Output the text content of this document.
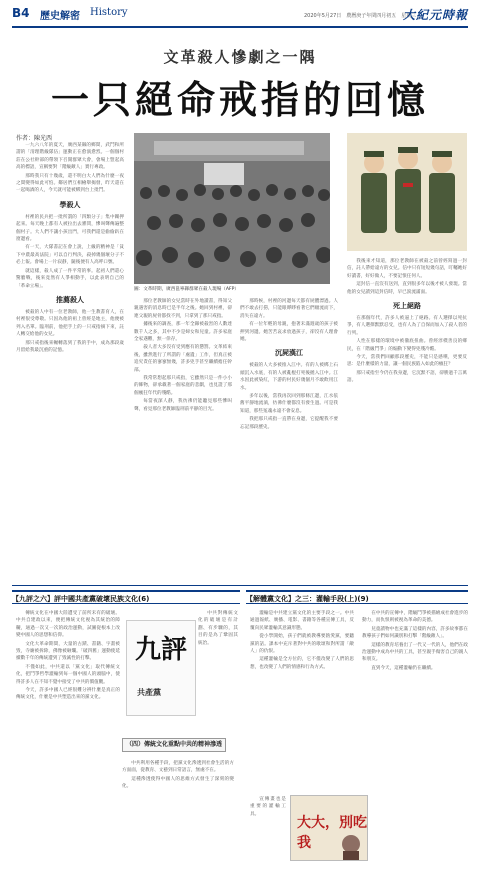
B4 歷史解密 History	2020年5月27日　農曆庚子年閏四月初五　星期三
大紀元時報
文革殺人慘劇之一隅
一只絕命戒指的回憶
作者：陳光西

一九六八年的夏天，廣西某縣的鄉間，武鬥和所謂的「清理階級隊伍」運動正在愈演愈烈。一個個村莊在公社幹部的帶領下召開群眾大會，會場上豎起高高的標語，宣稱要對「階級敵人」實行專政。

那時我只有十幾歲，還不明白大人們為什麼一夜之間變得如此可怕。鄰居們互相檢舉揭發，昨天還在一起喝酒的人，今天就可能被綁到台上批鬥。

學殺人

村裡的民兵把一批所謂的「四類分子」集中關押起來。每天晚上都有人被拉出去審問，慘叫聲傳遍整個村子。大人們不讓小孩出門，可我們還是偷偷趴在窗邊看。

有一天，大隊書記在會上說，上級的精神是「貧下中農最高法院」可以自行判決，殺掉幾個壞分子不必上報。會場上一片寂靜，隨後便有人高呼口號。

就這樣，殺人成了一件平常的事。起初人們還心驚膽戰，後來竟然有人爭相動手，以此表明自己的「革命立場」。

推薦殺人

被殺的人中有一位老教師，他一生教書育人，在村裡很受尊敬。只因為他的祖上曾經是地主，他便被列入名單。臨刑前，他把手上的一只戒指摘下來，託人轉交給他的女兒。

那只戒指後來輾轉落到了我的手中，成為那段歲月留給我最沉重的記憶。

圖：文革時期，廣西邕寧縣群眾在殺人現場（AFP）

那位老教師的女兒當時在外地讀書，得知父親遇害的消息時已是半年之後。她回到村裡，卻連父親的屍骨都找不到，只拿到了那只戒指。

據後來的調查，那一年全縣被殺害的人數達數千人之多，其中不少是婦女和兒童。許多家庭全家遇難，無一倖存。

殺人者大多沒有受到應有的懲罰。文革結束後，雖然進行了所謂的「處遺」工作，但真正被追究責任的寥寥無幾，許多兇手甚至繼續擔任幹部。

我常常想起那只戒指，它雖然只是一件小小的飾物，卻承載著一個家庭的悲劇，也見證了那個瘋狂年代的殘酷。

每當夜深人靜，我彷彿仍能聽見那些慘叫聲，看見那位老教師臨刑前平靜的目光。

那時候，村裡的河邊每天都有屍體漂過。人們不敢去打撈，只能眼睜睜看著它們順流而下，消失在遠方。

有一位年輕的母親，抱著未滿週歲的孩子被押到河邊。她苦苦哀求放過孩子，卻沒有人理會她。

沉屍漢江

被殺的人大多被推入江中。有的人被綁上石頭沉入水底，有的人被亂棍打死後拋入江中。江水因此被染紅，下游的村民好幾個月不敢飲用江水。

多年以後，當我再次回到那條江邊，江水依舊平靜地流淌，彷彿什麼都沒有發生過。可是我知道，那些冤魂永遠不會安息。

我把那只戒指一直帶在身邊，它提醒我不要忘記那段歷史。

我後來才知道，那位老教師在被殺之前曾經寫過一封信，託人帶給遠方的女兒。信中只有短短幾句話，叮囑她好好讀書，好好做人，不要記恨任何人。

這封信一直沒有送到，直到很多年以後才被人發現。當他的女兒讀到這封信時，早已淚流滿面。

死上絕路

在那個年代，許多人被逼上了絕路。有人選擇以死抗爭，有人選擇默默忍受，也有人為了自保而加入了殺人者的行列。

人性在那樣的環境中被徹底扭曲。曾經淳樸善良的鄉民，在「階級鬥爭」的煽動下變得兇殘冷酷。

今天，當我們回顧那段歷史，不能只是感嘆，更要反思：是什麼樣的力量，讓一個民族陷入如此的瘋狂？

那只戒指至今仍在我身邊，它沉默不語，卻勝過千言萬語。

【九評之六】評中國共產黨破壞民族文化(6)

傳統文化在中國大陸遭受了前所未有的破壞。中共自建政以來，便把傳統文化視為其統治的障礙，通過一次又一次的政治運動，試圖從根本上改變中國人的思想和信仰。

文化大革命期間，大量的古蹟、書籍、字畫被毀，寺廟被拆除，佛像被砸爛。「破四舊」運動使延續數千年的傳統遭到了毀滅性的打擊。

不僅如此，中共還以「黨文化」取代傳統文化，把鬥爭哲學灌輸到每一個中國人的頭腦中，使得許多人在不知不覺中接受了中共的價值觀。

今天，許多中國人已經很難分辨什麼是真正的傳統文化，什麼是中共塑造出來的黨文化。

九評
共產黨

中共對傳統文化的破壞是有計劃、有步驟的，其目的是為了鞏固其統治。

（四）傳統文化重點中共的精神滲透

中共利用各種手段，把黨文化滲透到社會生活的方方面面，從教育、文藝到日常語言，無處不在。

這種滲透使得中國人的思維方式發生了深刻的變化。

【解體黨文化】之三：灌輸手段(上)(9)

灌輸是中共建立黨文化的主要手段之一。中共通過報紙、廣播、電影、書籍等各種宣傳工具，反覆向民眾灌輸其意識形態。

從小學開始，孩子們就被教導要熱愛黨，要聽黨的話。課本中充斥著對中共的歌頌和對所謂「敵人」的仇恨。

這種灌輸是全方位的，它不僅改變了人們的思想，也改變了人們的情感和行為方式。

在中共的宣傳中，階級鬥爭被描繪成社會進步的動力，而仇恨則被視為革命的美德。

兒童讀物中也充滿了這樣的內容，許多故事都在教導孩子們如何識別和打擊「階級敵人」。

這樣的教育培養出了一代又一代的人，他們在政治運動中成為中共的工具，甚至親手傷害自己的親人和朋友。

直到今天，這種灌輸仍在繼續。

大大，別吃我

宣傳畫也是重要的灌輸工具。
